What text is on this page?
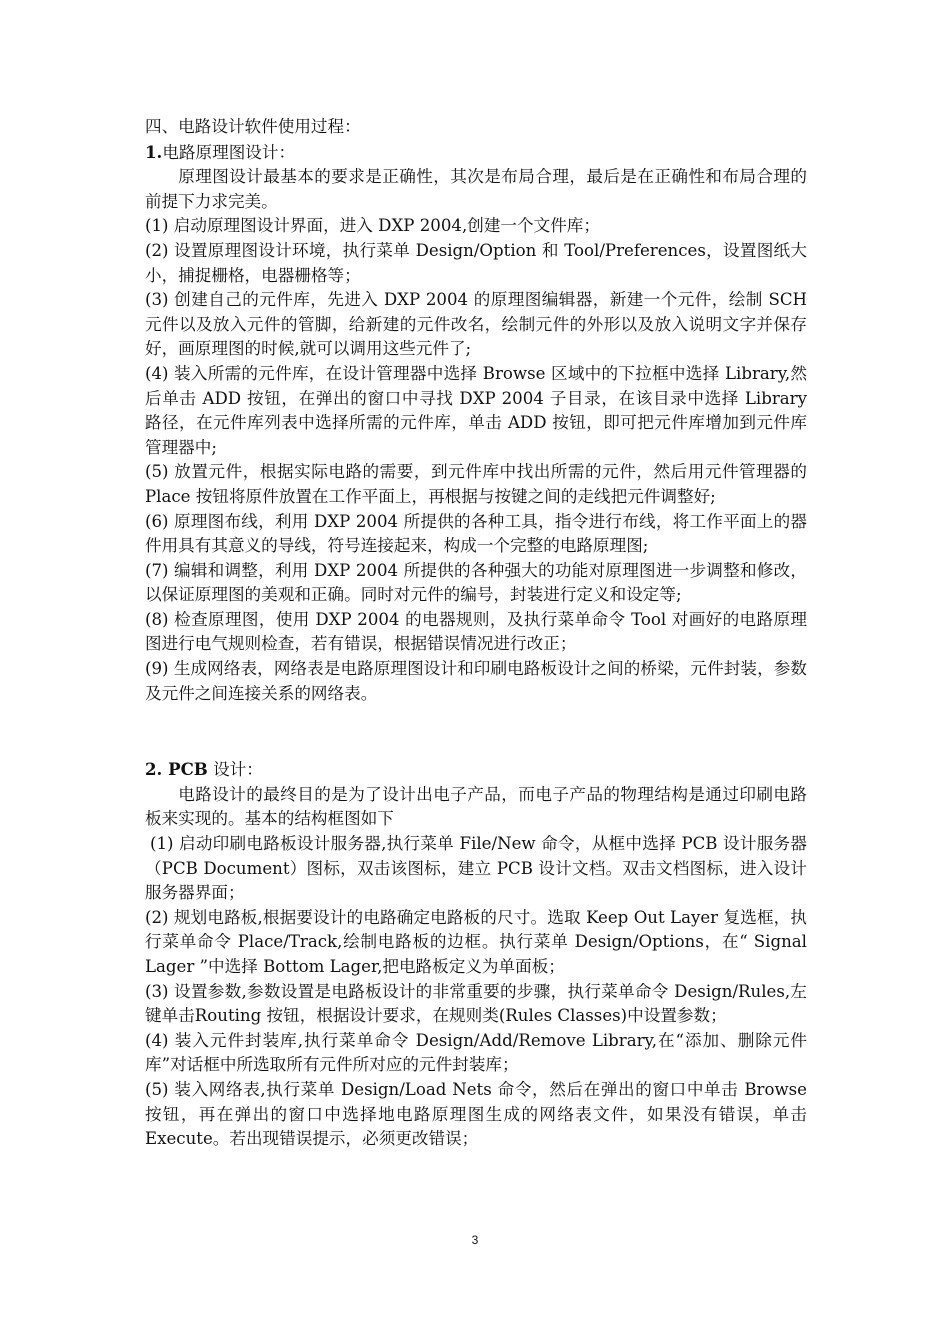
四、电路设计软件使用过程：

1.电路原理图设计：

原理图设计最基本的要求是正确性，其次是布局合理，最后是在正确性和布局合理的前提下力求完美。

(1) 启动原理图设计界面，进入 DXP 2004,创建一个文件库；

(2) 设置原理图设计环境，执行菜单 Design/Option 和 Tool/Preferences，设置图纸大小，捕捉栅格，电器栅格等；

(3) 创建自己的元件库，先进入 DXP 2004 的原理图编辑器，新建一个元件，绘制 SCH 元件以及放入元件的管脚，给新建的元件改名，绘制元件的外形以及放入说明文字并保存好，画原理图的时候,就可以调用这些元件了;

(4) 装入所需的元件库，在设计管理器中选择 Browse 区域中的下拉框中选择 Library,然后单击 ADD 按钮，在弹出的窗口中寻找 DXP 2004 子目录，在该目录中选择 Library 路径，在元件库列表中选择所需的元件库，单击 ADD 按钮，即可把元件库增加到元件库管理器中;

(5) 放置元件，根据实际电路的需要，到元件库中找出所需的元件，然后用元件管理器的 Place 按钮将原件放置在工作平面上，再根据与按键之间的走线把元件调整好;

(6) 原理图布线，利用 DXP 2004 所提供的各种工具，指令进行布线，将工作平面上的器件用具有其意义的导线，符号连接起来，构成一个完整的电路原理图;

(7) 编辑和调整，利用 DXP 2004 所提供的各种强大的功能对原理图进一步调整和修改，以保证原理图的美观和正确。同时对元件的编号，封装进行定义和设定等;

(8) 检查原理图，使用 DXP 2004 的电器规则，及执行菜单命令 Tool 对画好的电路原理图进行电气规则检查，若有错误，根据错误情况进行改正；

(9) 生成网络表，网络表是电路原理图设计和印刷电路板设计之间的桥梁，元件封装，参数及元件之间连接关系的网络表。

2. PCB 设计：

电路设计的最终目的是为了设计出电子产品，而电子产品的物理结构是通过印刷电路板来实现的。基本的结构框图如下

(1) 启动印刷电路板设计服务器,执行菜单 File/New 命令，从框中选择 PCB 设计服务器（PCB Document）图标，双击该图标，建立 PCB 设计文档。双击文档图标，进入设计服务器界面；

(2) 规划电路板,根据要设计的电路确定电路板的尺寸。选取 Keep Out Layer 复选框，执行菜单命令 Place/Track,绘制电路板的边框。执行菜单 Design/Options，在“ Signal Lager ”中选择 Bottom Lager,把电路板定义为单面板；

(3) 设置参数,参数设置是电路板设计的非常重要的步骤，执行菜单命令 Design/Rules,左键单击Routing 按钮，根据设计要求，在规则类(Rules Classes)中设置参数；

(4) 装入元件封装库,执行菜单命令 Design/Add/Remove Library,在“添加、删除元件库”对话框中所选取所有元件所对应的元件封装库；

(5) 装入网络表,执行菜单 Design/Load Nets 命令，然后在弹出的窗口中单击 Browse 按钮，再在弹出的窗口中选择地电路原理图生成的网络表文件，如果没有错误，单击 Execute。若出现错误提示，必须更改错误；

3
